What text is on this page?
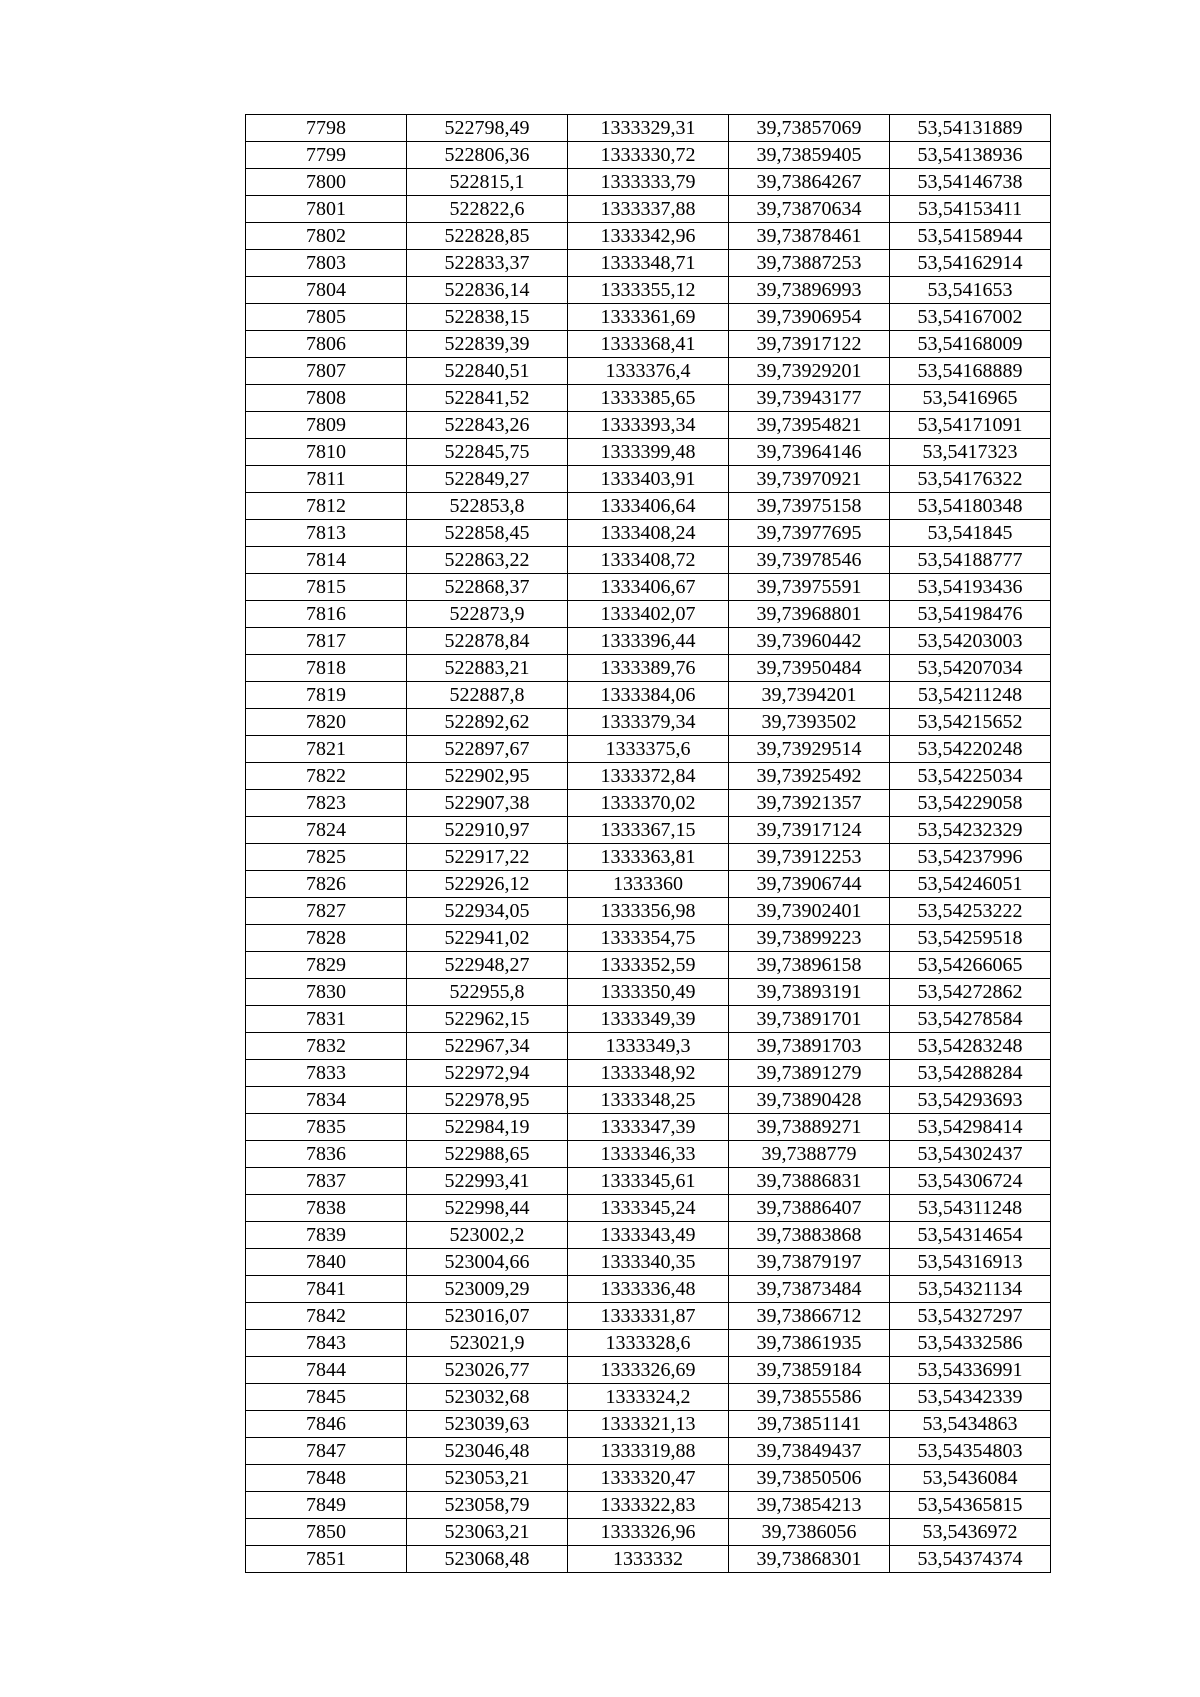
7798	522798,49	1333329,31	39,73857069	53,54131889
7799	522806,36	1333330,72	39,73859405	53,54138936
7800	522815,1	1333333,79	39,73864267	53,54146738
7801	522822,6	1333337,88	39,73870634	53,54153411
7802	522828,85	1333342,96	39,73878461	53,54158944
7803	522833,37	1333348,71	39,73887253	53,54162914
7804	522836,14	1333355,12	39,73896993	53,541653
7805	522838,15	1333361,69	39,73906954	53,54167002
7806	522839,39	1333368,41	39,73917122	53,54168009
7807	522840,51	1333376,4	39,73929201	53,54168889
7808	522841,52	1333385,65	39,73943177	53,5416965
7809	522843,26	1333393,34	39,73954821	53,54171091
7810	522845,75	1333399,48	39,73964146	53,5417323
7811	522849,27	1333403,91	39,73970921	53,54176322
7812	522853,8	1333406,64	39,73975158	53,54180348
7813	522858,45	1333408,24	39,73977695	53,541845
7814	522863,22	1333408,72	39,73978546	53,54188777
7815	522868,37	1333406,67	39,73975591	53,54193436
7816	522873,9	1333402,07	39,73968801	53,54198476
7817	522878,84	1333396,44	39,73960442	53,54203003
7818	522883,21	1333389,76	39,73950484	53,54207034
7819	522887,8	1333384,06	39,7394201	53,54211248
7820	522892,62	1333379,34	39,7393502	53,54215652
7821	522897,67	1333375,6	39,73929514	53,54220248
7822	522902,95	1333372,84	39,73925492	53,54225034
7823	522907,38	1333370,02	39,73921357	53,54229058
7824	522910,97	1333367,15	39,73917124	53,54232329
7825	522917,22	1333363,81	39,73912253	53,54237996
7826	522926,12	1333360	39,73906744	53,54246051
7827	522934,05	1333356,98	39,73902401	53,54253222
7828	522941,02	1333354,75	39,73899223	53,54259518
7829	522948,27	1333352,59	39,73896158	53,54266065
7830	522955,8	1333350,49	39,73893191	53,54272862
7831	522962,15	1333349,39	39,73891701	53,54278584
7832	522967,34	1333349,3	39,73891703	53,54283248
7833	522972,94	1333348,92	39,73891279	53,54288284
7834	522978,95	1333348,25	39,73890428	53,54293693
7835	522984,19	1333347,39	39,73889271	53,54298414
7836	522988,65	1333346,33	39,7388779	53,54302437
7837	522993,41	1333345,61	39,73886831	53,54306724
7838	522998,44	1333345,24	39,73886407	53,54311248
7839	523002,2	1333343,49	39,73883868	53,54314654
7840	523004,66	1333340,35	39,73879197	53,54316913
7841	523009,29	1333336,48	39,73873484	53,54321134
7842	523016,07	1333331,87	39,73866712	53,54327297
7843	523021,9	1333328,6	39,73861935	53,54332586
7844	523026,77	1333326,69	39,73859184	53,54336991
7845	523032,68	1333324,2	39,73855586	53,54342339
7846	523039,63	1333321,13	39,73851141	53,5434863
7847	523046,48	1333319,88	39,73849437	53,54354803
7848	523053,21	1333320,47	39,73850506	53,5436084
7849	523058,79	1333322,83	39,73854213	53,54365815
7850	523063,21	1333326,96	39,7386056	53,5436972
7851	523068,48	1333332	39,73868301	53,54374374
